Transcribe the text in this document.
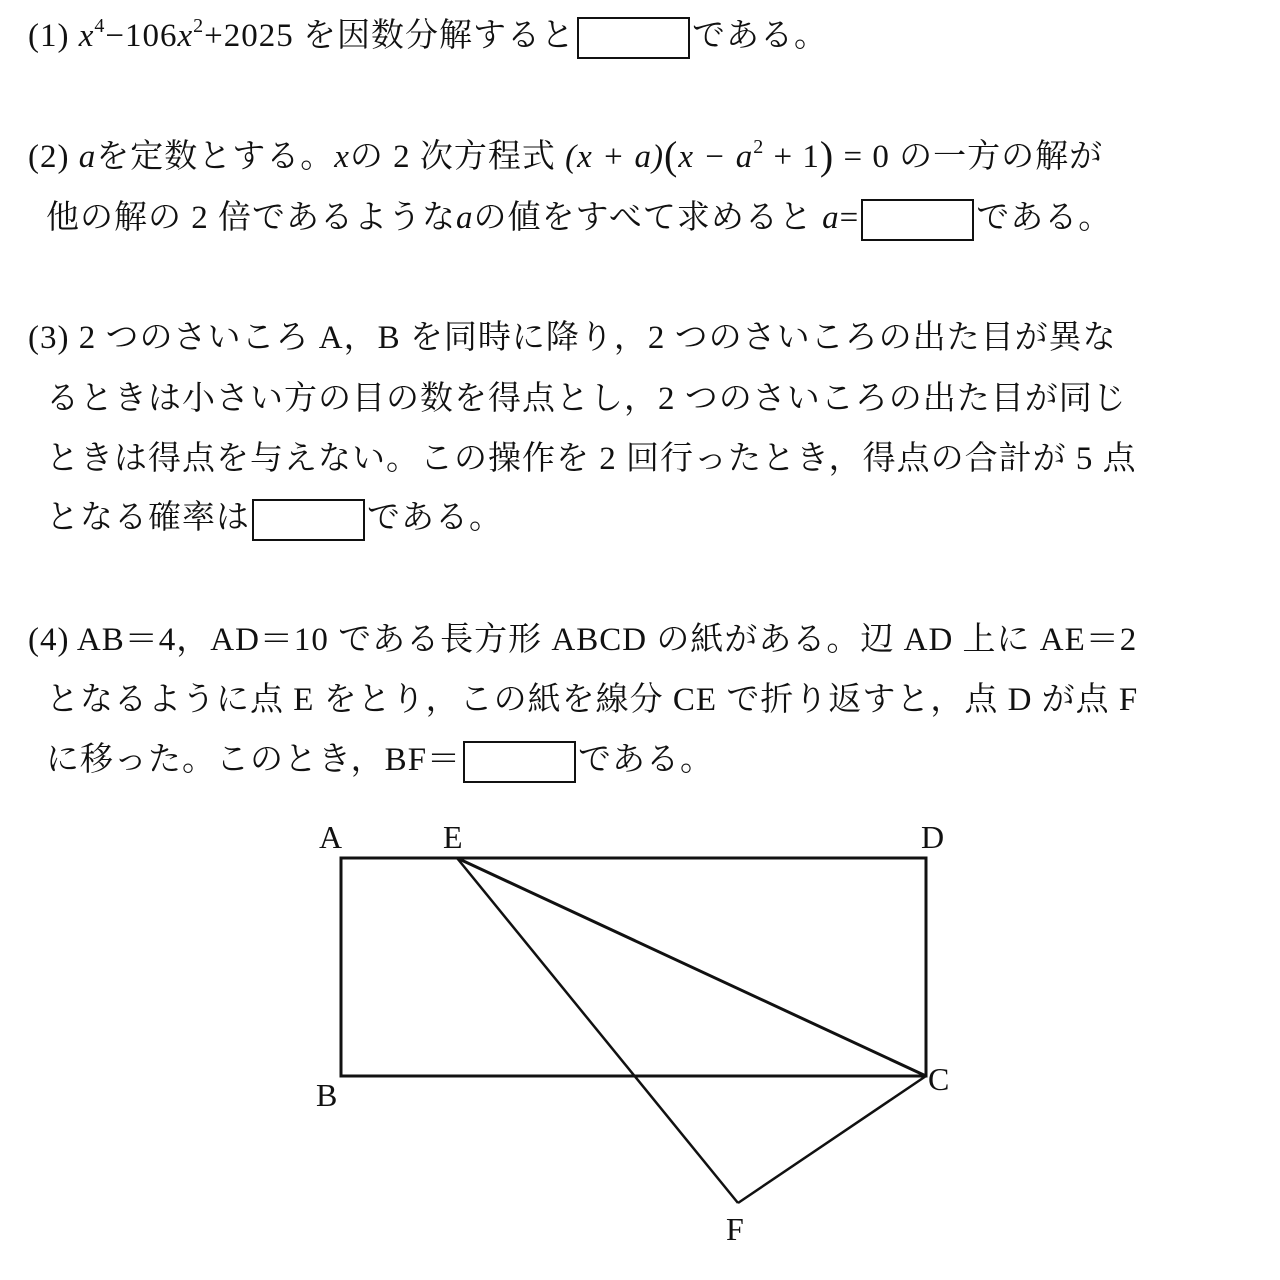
(1) $x^4-106x^2+2025$ を因数分解すると	である。
(2) aを定数とする。xの 2 次方程式 $(x + a)(x - a^2 + 1) = 0$ の一方の解が
他の解の 2 倍であるようなaの値をすべて求めると a=	である。
(3) 2 つのさいころ A，B を同時に降り，2 つのさいころの出た目が異な
るときは小さい方の目の数を得点とし，2 つのさいころの出た目が同じ
ときは得点を与えない。この操作を 2 回行ったとき，得点の合計が 5 点
となる確率は	である。
(4) AB＝4，AD＝10 である長方形 ABCD の紙がある。辺 AD 上に AE＝2
となるように点 E をとり，この紙を線分 CE で折り返すと，点 D が点 F
に移った。このとき，BF＝	である。
A	E	D
B	C
F
